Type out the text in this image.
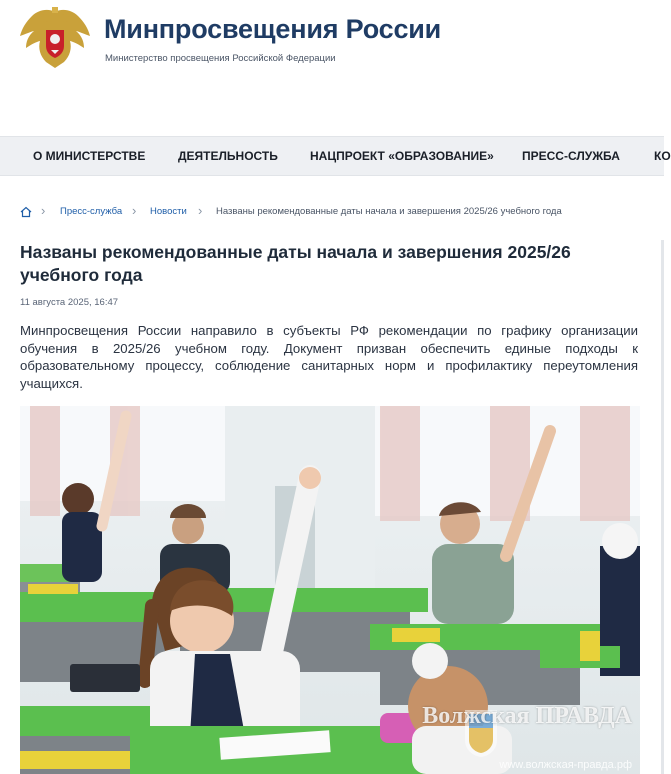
Минпросвещения России
Министерство просвещения Российской Федерации
О МИНИСТЕРСТВЕ	ДЕЯТЕЛЬНОСТЬ	НАЦПРОЕКТ «ОБРАЗОВАНИЕ» ПРЕСС-СЛУЖБА	КО
› Пресс-служба › Новости › Названы рекомендованные даты начала и завершения 2025/26 учебного года
Названы рекомендованные даты начала и завершения 2025/26 учебного года
11 августа 2025, 16:47
Минпросвещения России направило в субъекты РФ рекомендации по графику организации обучения в 2025/26 учебном году. Документ призван обеспечить единые подходы к образовательному процессу, соблюдение санитарных норм и профилактику переутомления учащихся.
Волжская ПРАВДА
www.волжская-правда.рф
